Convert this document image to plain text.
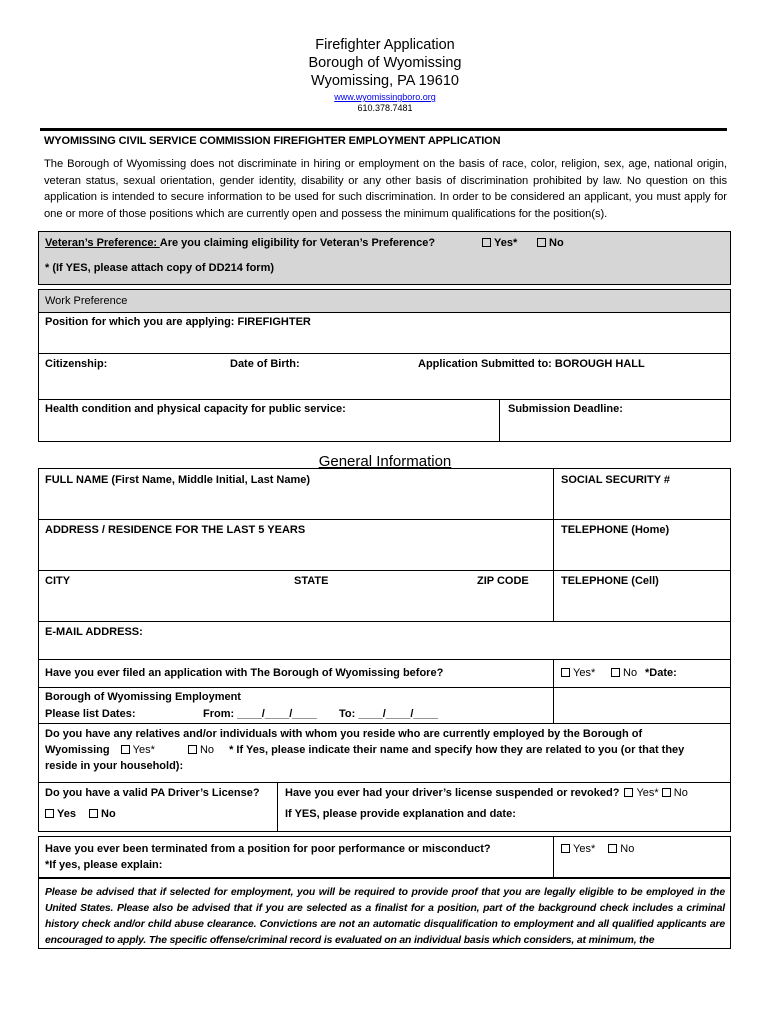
Firefighter Application
Borough of Wyomissing
Wyomissing, PA 19610
www.wyomissingboro.org
610.378.7481
WYOMISSING CIVIL SERVICE COMMISSION FIREFIGHTER EMPLOYMENT APPLICATION
The Borough of Wyomissing does not discriminate in hiring or employment on the basis of race, color, religion, sex, age, national origin, veteran status, sexual orientation, gender identity, disability or any other basis of discrimination prohibited by law. No question on this application is intended to secure information to be used for such discrimination. In order to be considered an applicant, you must apply for one or more of those positions which are currently open and possess the minimum qualifications for the position(s).
Veteran’s Preference: Are you claiming eligibility for Veteran’s Preference?	Yes*	No
* (If YES, please attach copy of DD214 form)
Work Preference
Position for which you are applying: FIREFIGHTER
Citizenship:	Date of Birth:	Application Submitted to: BOROUGH HALL
Health condition and physical capacity for public service:	Submission Deadline:
General Information
FULL NAME (First Name, Middle Initial, Last Name)	SOCIAL SECURITY #
ADDRESS / RESIDENCE FOR THE LAST 5 YEARS	TELEPHONE (Home)
CITY	STATE	ZIP CODE	TELEPHONE (Cell)
E-MAIL ADDRESS:
Have you ever filed an application with The Borough of Wyomissing before?	Yes*	No *Date:
Borough of Wyomissing Employment
Please list Dates:	From: ____/____/____ To: ____/____/____
Do you have any relatives and/or individuals with whom you reside who are currently employed by the Borough of
Wyomissing Yes*	No * If Yes, please indicate their name and specify how they are related to you (or that they
reside in your household):
Do you have a valid PA Driver’s License?
Yes No
Have you ever had your driver’s license suspended or revoked? Yes* No
If YES, please provide explanation and date:
Have you ever been terminated from a position for poor performance or misconduct?
*If yes, please explain:
Yes* No
Please be advised that if selected for employment, you will be required to provide proof that you are legally eligible to be employed in the United States. Please also be advised that if you are selected as a finalist for a position, part of the background check includes a criminal history check and/or child abuse clearance. Convictions are not an automatic disqualification to employment and all qualified applicants are encouraged to apply. The specific offense/criminal record is evaluated on an individual basis which considers, at minimum, the
